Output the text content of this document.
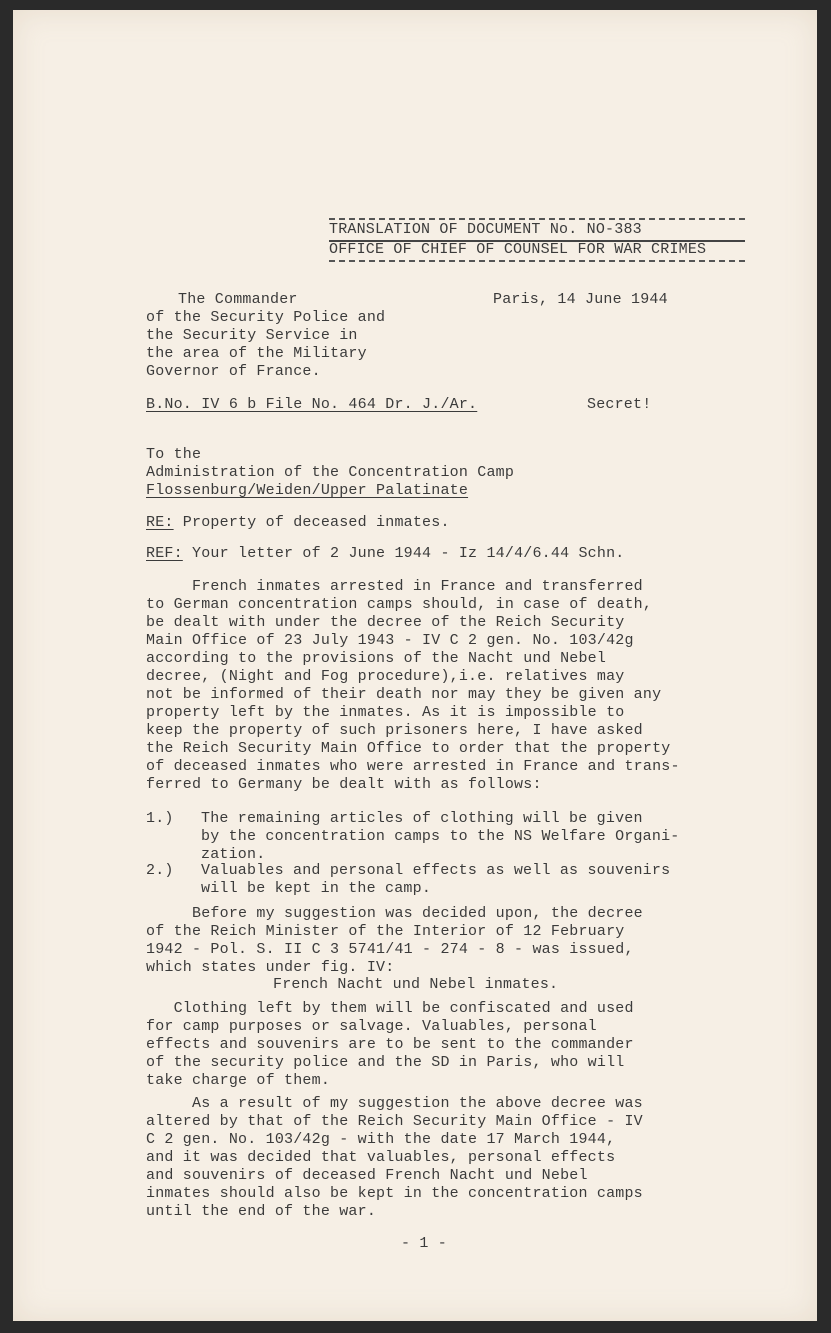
TRANSLATION OF DOCUMENT No. NO-383
OFFICE OF CHIEF OF COUNSEL FOR WAR CRIMES
The Commander
of the Security Police and
the Security Service in
the area of the Military
Governor of France.
Paris, 14 June 1944
B.No. IV 6 b File No. 464 Dr. J./Ar.	Secret!
To the
Administration of the Concentration Camp
Flossenburg/Weiden/Upper Palatinate
RE: Property of deceased inmates.
REF: Your letter of 2 June 1944 - Iz 14/4/6.44 Schn.
French inmates arrested in France and transferred
to German concentration camps should, in case of death,
be dealt with under the decree of the Reich Security
Main Office of 23 July 1943 - IV C 2 gen. No. 103/42g
according to the provisions of the Nacht und Nebel
decree, (Night and Fog procedure),i.e. relatives may
not be informed of their death nor may they be given any
property left by the inmates. As it is impossible to
keep the property of such prisoners here, I have asked
the Reich Security Main Office to order that the property
of deceased inmates who were arrested in France and trans-
ferred to Germany be dealt with as follows:
1.) The remaining articles of clothing will be given
by the concentration camps to the NS Welfare Organi-
zation.
2.) Valuables and personal effects as well as souvenirs
will be kept in the camp.
Before my suggestion was decided upon, the decree
of the Reich Minister of the Interior of 12 February
1942 - Pol. S. II C 3 5741/41 - 274 - 8 - was issued,
which states under fig. IV:
French Nacht und Nebel inmates.
Clothing left by them will be confiscated and used
for camp purposes or salvage. Valuables, personal
effects and souvenirs are to be sent to the commander
of the security police and the SD in Paris, who will
take charge of them.
As a result of my suggestion the above decree was
altered by that of the Reich Security Main Office - IV
C 2 gen. No. 103/42g - with the date 17 March 1944,
and it was decided that valuables, personal effects
and souvenirs of deceased French Nacht und Nebel
inmates should also be kept in the concentration camps
until the end of the war.
- 1 -
